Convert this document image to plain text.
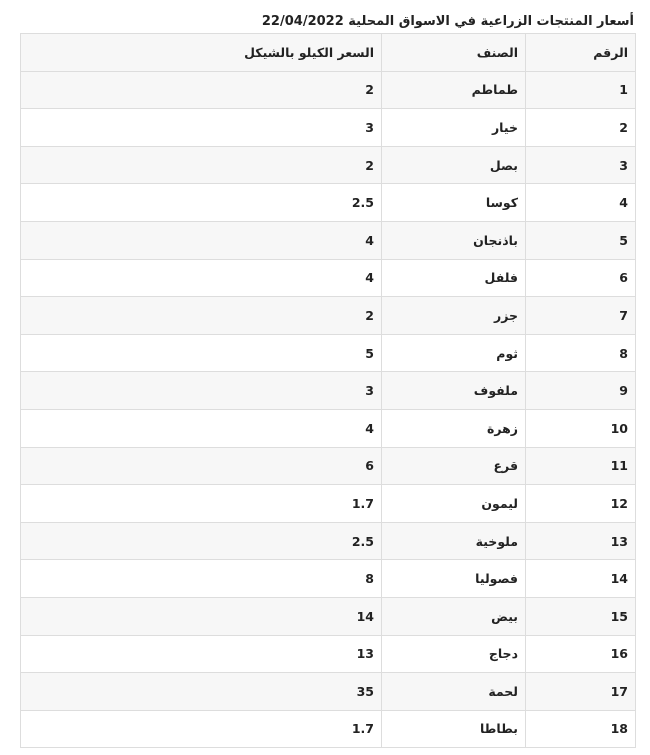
أسعار المنتجات الزراعية في الاسواق المحلية 22/04/2022
الرقم	الصنف	السعر الكيلو بالشيكل
1	طماطم	2
2	خيار	3
3	بصل	2
4	كوسا	2.5
5	باذنجان	4
6	فلفل	4
7	جزر	2
8	ثوم	5
9	ملفوف	3
10	زهرة	4
11	قرع	6
12	ليمون	1.7
13	ملوخية	2.5
14	فصوليا	8
15	بيض	14
16	دجاج	13
17	لحمة	35
18	بطاطا	1.7
